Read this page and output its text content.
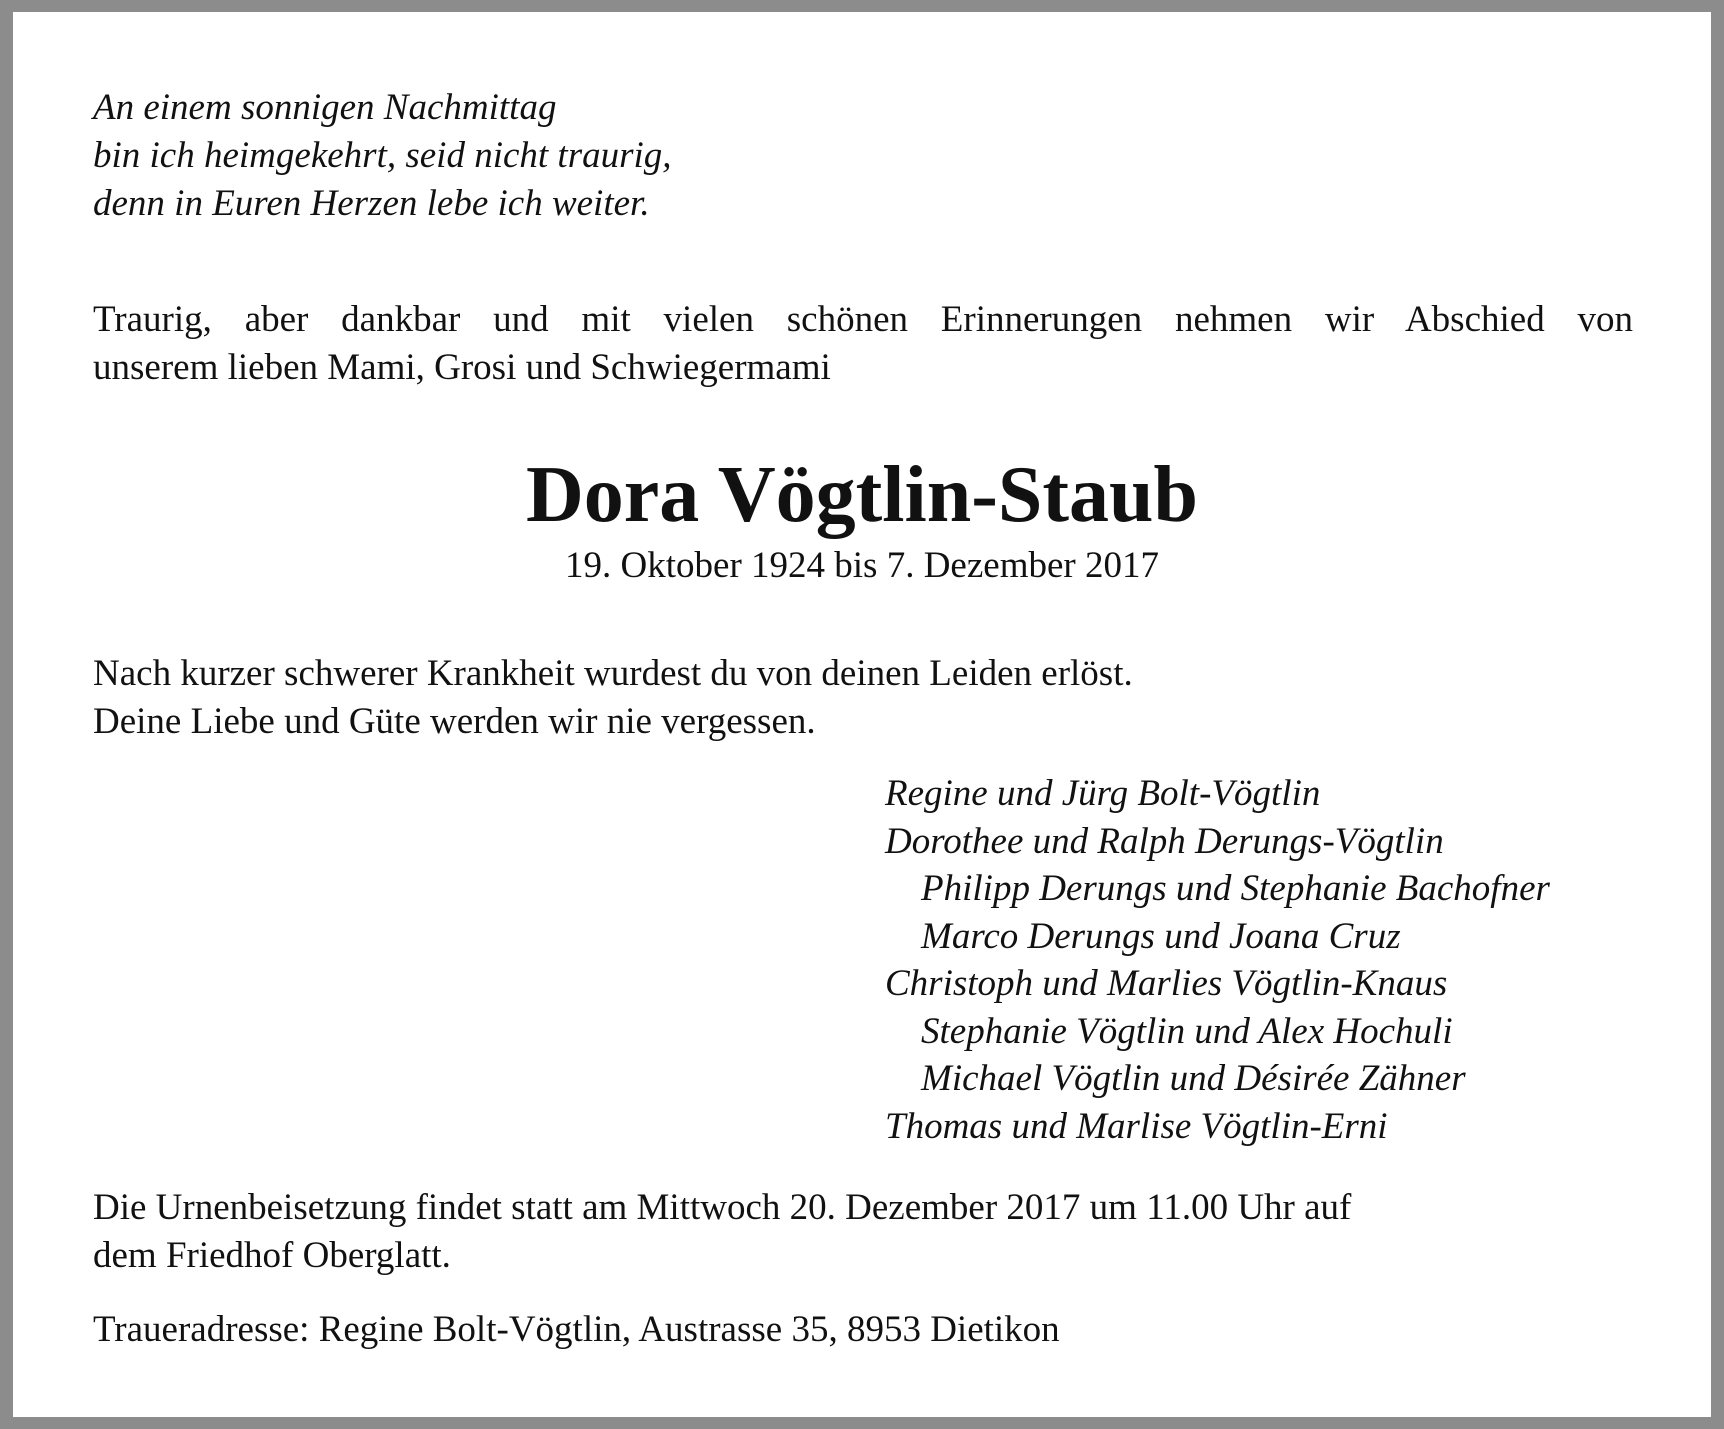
An einem sonnigen Nachmittag
bin ich heimgekehrt, seid nicht traurig,
denn in Euren Herzen lebe ich weiter.
Traurig, aber dankbar und mit vielen schönen Erinnerungen nehmen wir Abschied von
unserem lieben Mami, Grosi und Schwiegermami
Dora Vögtlin-Staub
19. Oktober 1924 bis 7. Dezember 2017
Nach kurzer schwerer Krankheit wurdest du von deinen Leiden erlöst.
Deine Liebe und Güte werden wir nie vergessen.
Regine und Jürg Bolt-Vögtlin
Dorothee und Ralph Derungs-Vögtlin
Philipp Derungs und Stephanie Bachofner
Marco Derungs und Joana Cruz
Christoph und Marlies Vögtlin-Knaus
Stephanie Vögtlin und Alex Hochuli
Michael Vögtlin und Désirée Zähner
Thomas und Marlise Vögtlin-Erni
Die Urnenbeisetzung findet statt am Mittwoch 20. Dezember 2017 um 11.00 Uhr auf
dem Friedhof Oberglatt.
Traueradresse: Regine Bolt-Vögtlin, Austrasse 35, 8953 Dietikon
